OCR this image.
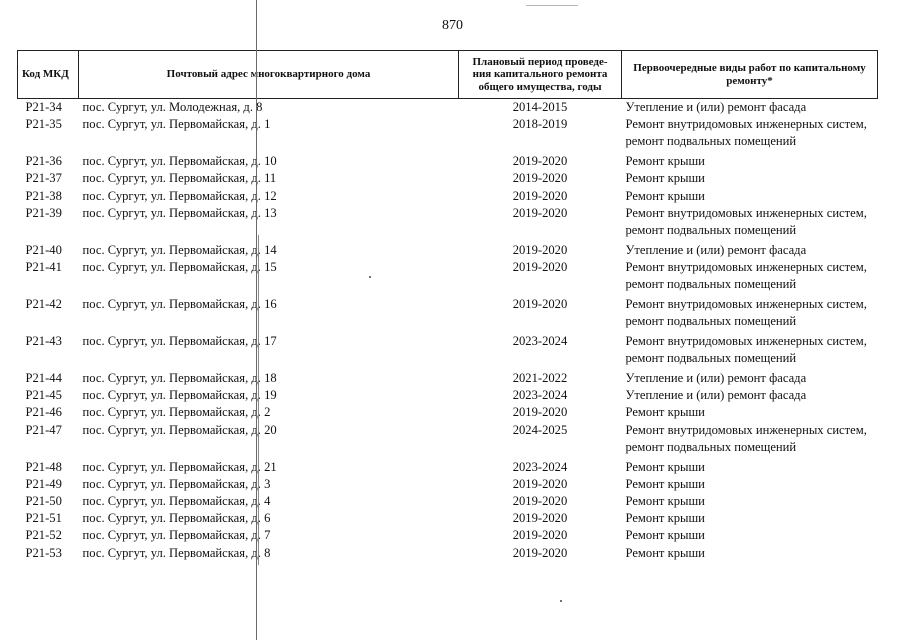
870
Код МКД	Почтовый адрес многоквартирного дома	Плановый период проведе-
ния капитального ремонта
общего имущества, годы	Первоочередные виды работ по капитальному
ремонту*
Р21-34	пос. Сургут, ул. Молодежная, д. 8	2014-2015	Утепление и (или) ремонт фасада
Р21-35	пос. Сургут, ул. Первомайская, д. 1	2018-2019	Ремонт внутридомовых инженерных систем,
ремонт подвальных помещений
Р21-36	пос. Сургут, ул. Первомайская, д. 10	2019-2020	Ремонт крыши
Р21-37	пос. Сургут, ул. Первомайская, д. 11	2019-2020	Ремонт крыши
Р21-38	пос. Сургут, ул. Первомайская, д. 12	2019-2020	Ремонт крыши
Р21-39	пос. Сургут, ул. Первомайская, д. 13	2019-2020	Ремонт внутридомовых инженерных систем,
ремонт подвальных помещений
Р21-40	пос. Сургут, ул. Первомайская, д. 14	2019-2020	Утепление и (или) ремонт фасада
Р21-41	пос. Сургут, ул. Первомайская, д. 15	2019-2020	Ремонт внутридомовых инженерных систем,
ремонт подвальных помещений
Р21-42	пос. Сургут, ул. Первомайская, д. 16	2019-2020	Ремонт внутридомовых инженерных систем,
ремонт подвальных помещений
Р21-43	пос. Сургут, ул. Первомайская, д. 17	2023-2024	Ремонт внутридомовых инженерных систем,
ремонт подвальных помещений
Р21-44	пос. Сургут, ул. Первомайская, д. 18	2021-2022	Утепление и (или) ремонт фасада
Р21-45	пос. Сургут, ул. Первомайская, д. 19	2023-2024	Утепление и (или) ремонт фасада
Р21-46	пос. Сургут, ул. Первомайская, д. 2	2019-2020	Ремонт крыши
Р21-47	пос. Сургут, ул. Первомайская, д. 20	2024-2025	Ремонт внутридомовых инженерных систем,
ремонт подвальных помещений
Р21-48	пос. Сургут, ул. Первомайская, д. 21	2023-2024	Ремонт крыши
Р21-49	пос. Сургут, ул. Первомайская, д. 3	2019-2020	Ремонт крыши
Р21-50	пос. Сургут, ул. Первомайская, д. 4	2019-2020	Ремонт крыши
Р21-51	пос. Сургут, ул. Первомайская, д. 6	2019-2020	Ремонт крыши
Р21-52	пос. Сургут, ул. Первомайская, д. 7	2019-2020	Ремонт крыши
Р21-53	пос. Сургут, ул. Первомайская, д. 8	2019-2020	Ремонт крыши
